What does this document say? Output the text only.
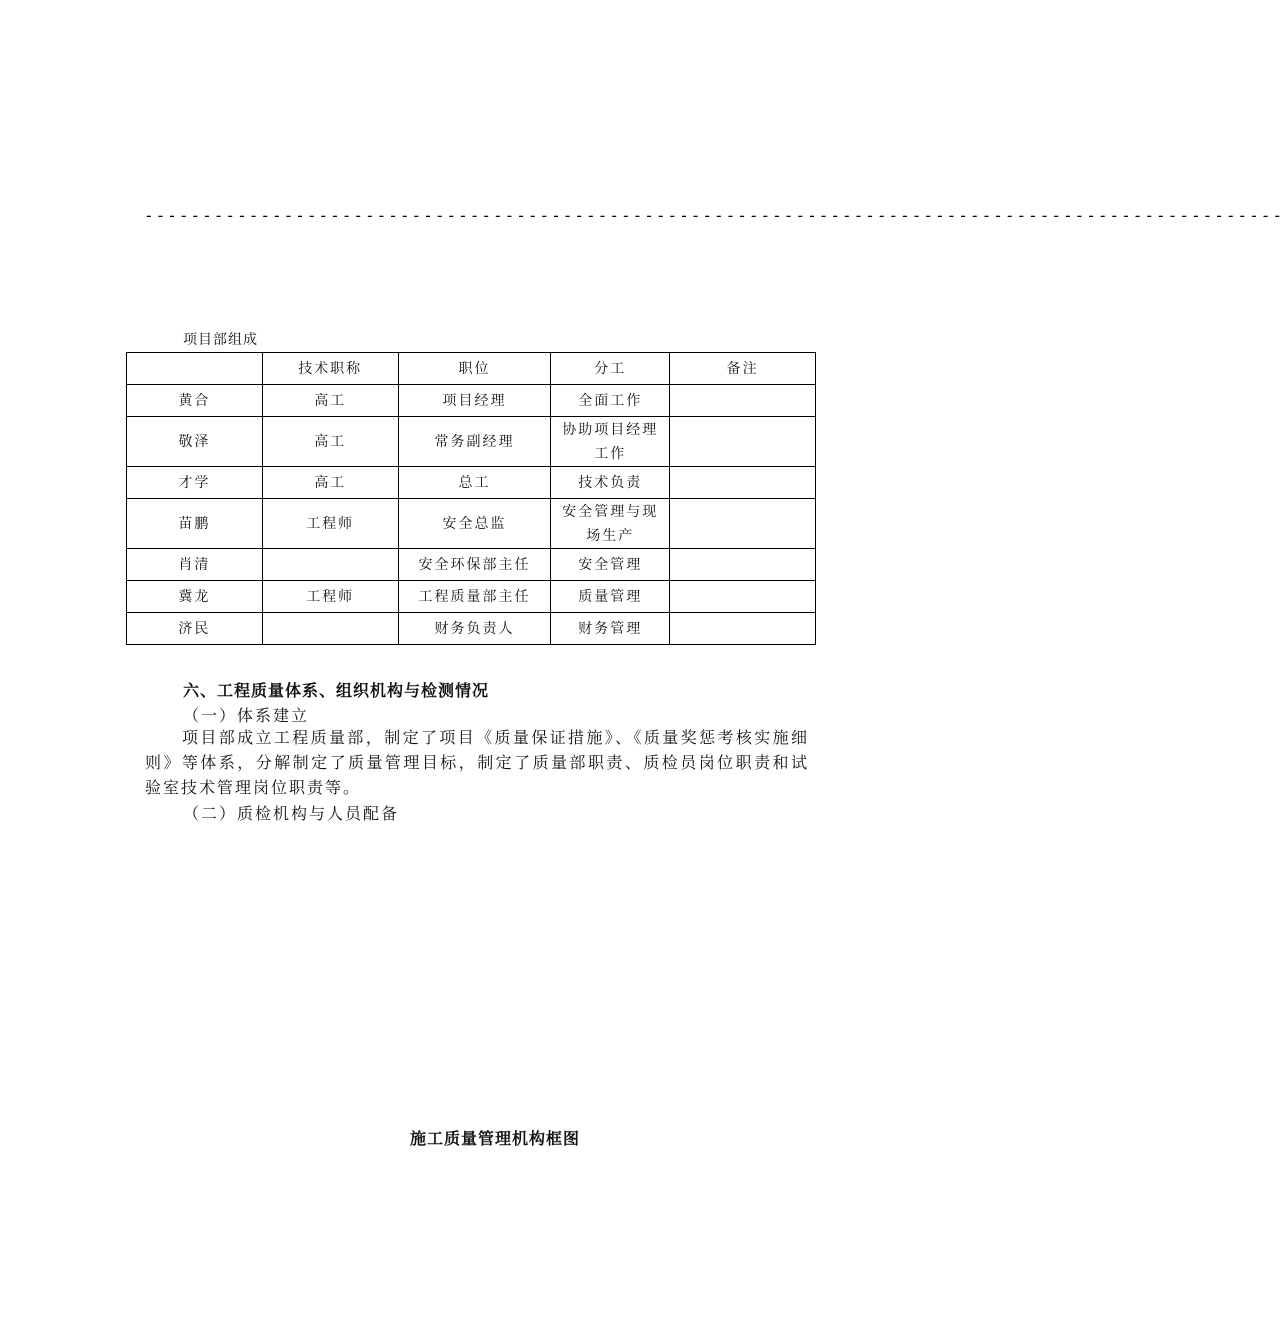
--------------------------------------------------------------------------------------------------
项目部组成
	技术职称	职位	分工	备注
黄合	高工	项目经理	全面工作	
敬泽	高工	常务副经理	协助项目经理工作	
才学	高工	总工	技术负责	
苗鹏	工程师	安全总监	安全管理与现场生产	
肖清		安全环保部主任	安全管理	
冀龙	工程师	工程质量部主任	质量管理	
济民		财务负责人	财务管理	
六、工程质量体系、组织机构与检测情况
（一）体系建立
项目部成立工程质量部，制定了项目《质量保证措施》、《质量奖惩考核实施细则》等体系，分解制定了质量管理目标，制定了质量部职责、质检员岗位职责和试验室技术管理岗位职责等。
（二）质检机构与人员配备
施工质量管理机构框图
